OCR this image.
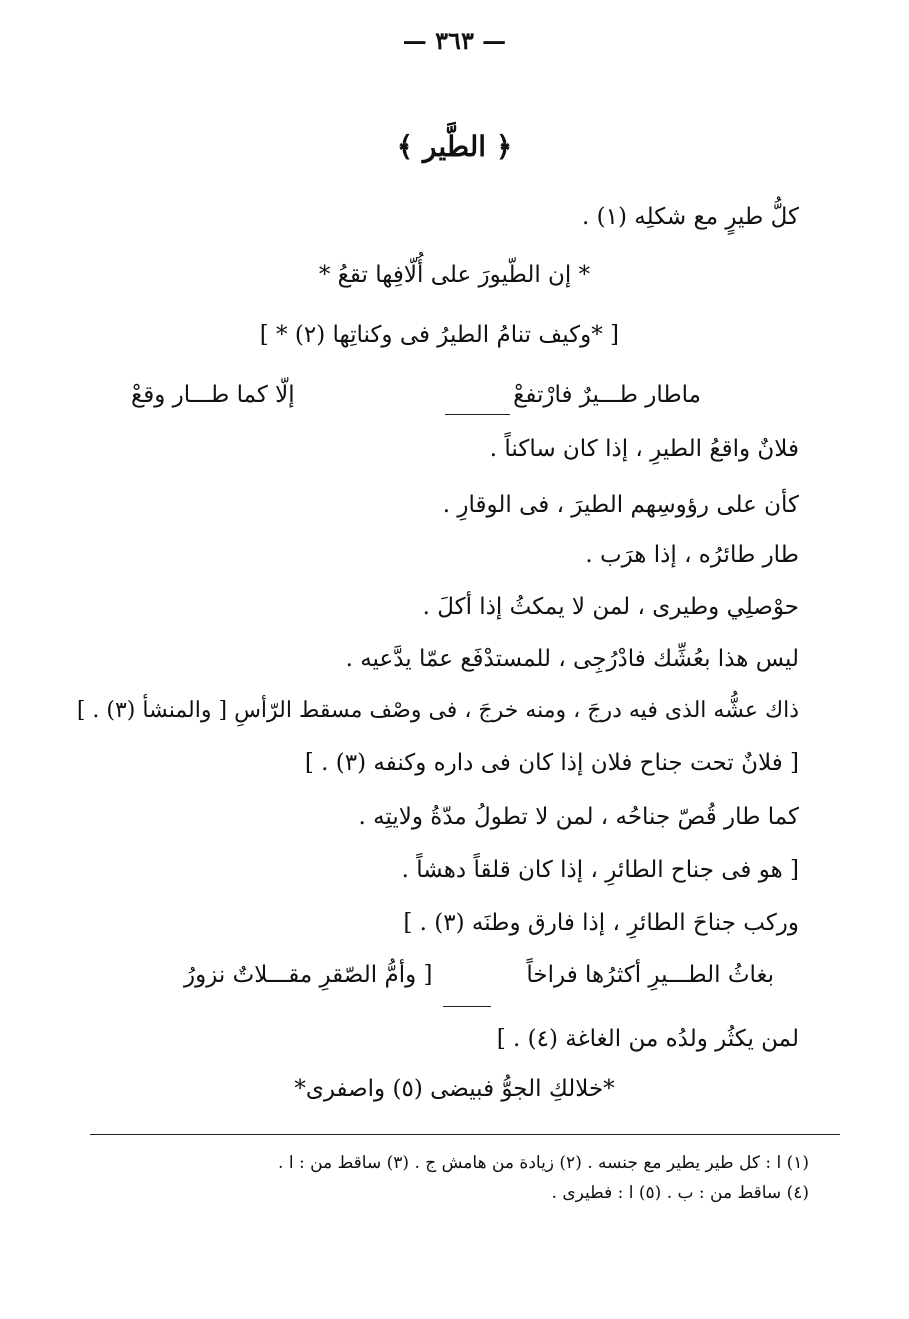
— ٣٦٣ —
﴿ الطَّير ﴾
كلُّ طيرٍ مع شكلِه (١) .
* إن الطّيورَ على أُلّافِها تقعُ *
[ *وكيف تنامُ الطيرُ فى وكناتِها (٢) * ]
ماطار طـــيرٌ فارْتفعْ
إلّا كما طـــار وقعْ
فلانٌ واقعُ الطيرِ ، إذا كان ساكناً .
كأن على رؤوسِهم الطيرَ ، فى الوقارِ .
طار طائرُه ، إذا هرَب .
حوْصلِي وطيرى ، لمن لا يمكثُ إذا أكلَ .
ليس هذا بعُشِّك فادْرُجِى ، للمستدْفَع عمّا يدَّعيه .
ذاك عشُّه الذى فيه درجَ ، ومنه خرجَ ، فى وصْف مسقط الرّأسِ [ والمنشأ (٣) . ]
[ فلانٌ تحت جناح فلان إذا كان فى داره وكنفه (٣) . ]
كما طار قُصّ جناحُه ، لمن لا تطولُ مدّةُ ولايتِه .
[ هو فى جناح الطائرِ ، إذا كان قلقاً دهشاً .
وركب جناحَ الطائرِ ، إذا فارق وطنَه (٣) . ]
بغاثُ الطـــيرِ أكثرُها فراخاً
[ وأمُّ الصّقرِ مقـــلاتٌ نزورُ
لمن يكثُر ولدُه من الغاغة (٤) . ]
*خلالكِ الجوُّ فبيضى (٥) واصفرى*
(١) ا : كل طير يطير مع جنسه . (٢) زيادة من هامش ج . (٣) ساقط من : ا .
(٤) ساقط من : ب . (٥) ا : فطيرى .
